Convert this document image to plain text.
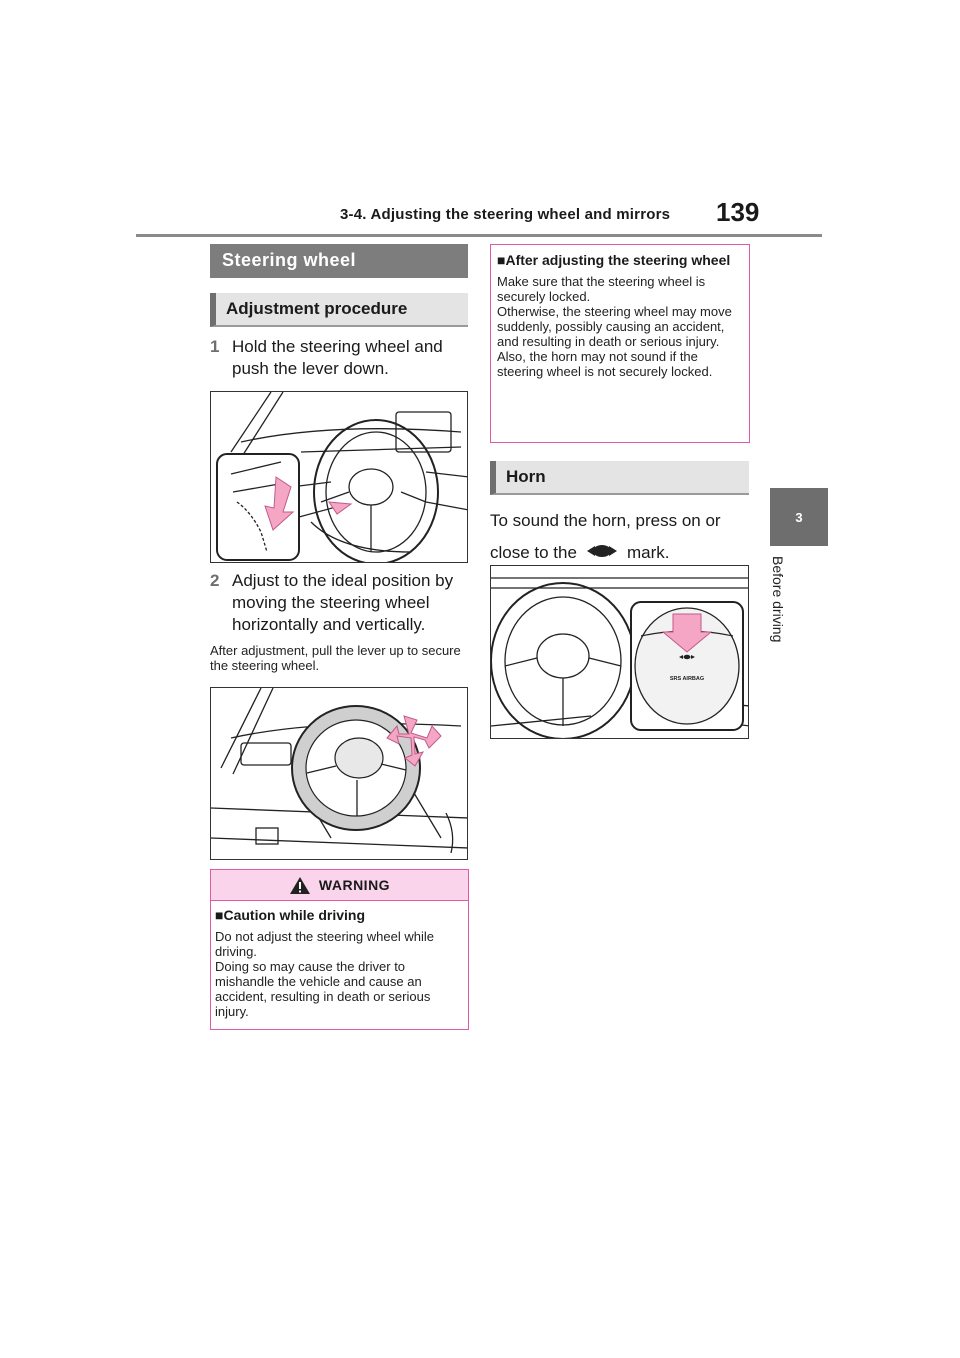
3-4. Adjusting the steering wheel and mirrors 139
3
Before driving
Steering wheel
Adjustment procedure
1 Hold the steering wheel and push the lever down.
2 Adjust to the ideal position by moving the steering wheel horizontally and vertically.
After adjustment, pull the lever up to secure the steering wheel.
WARNING
■Caution while driving
Do not adjust the steering wheel while driving.
Doing so may cause the driver to mishandle the vehicle and cause an accident, resulting in death or serious injury.
■After adjusting the steering wheel
Make sure that the steering wheel is securely locked.
Otherwise, the steering wheel may move suddenly, possibly causing an accident, and resulting in death or serious injury. Also, the horn may not sound if the steering wheel is not securely locked.
Horn
To sound the horn, press on or close to the	mark.
SRS AIRBAG
